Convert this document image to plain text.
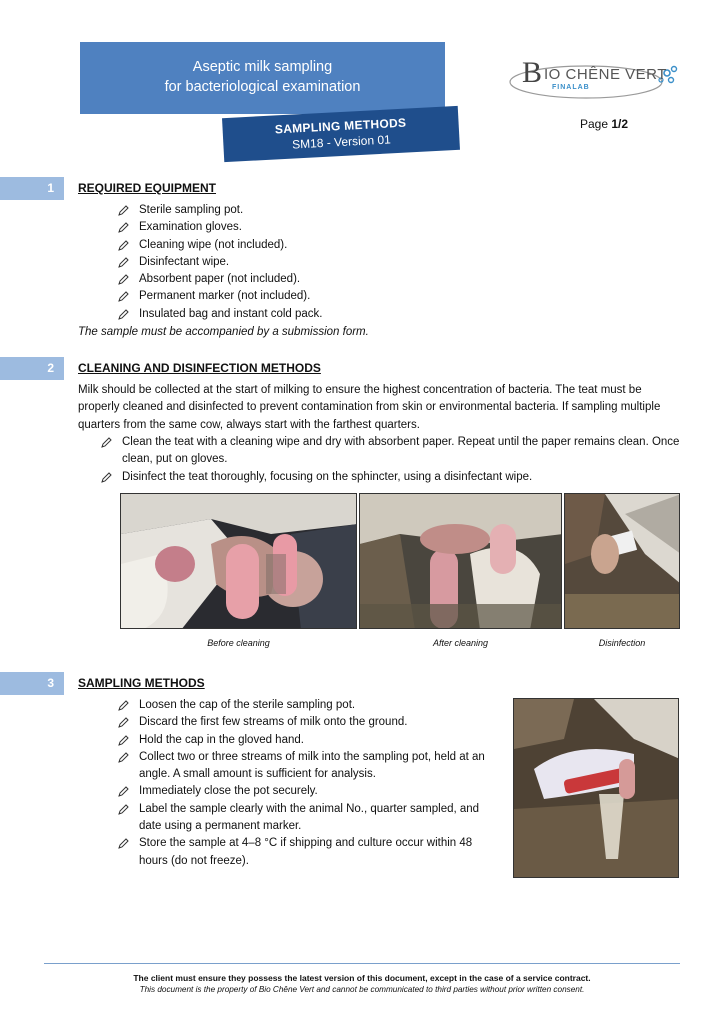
Aseptic milk sampling
for bacteriological examination
SAMPLING METHODS
SM18 - Version 01
B IO CHÊNE VERT
FINALAB
Page 1/2
1	REQUIRED EQUIPMENT
Sterile sampling pot.
Examination gloves.
Cleaning wipe (not included).
Disinfectant wipe.
Absorbent paper (not included).
Permanent marker (not included).
Insulated bag and instant cold pack.
The sample must be accompanied by a submission form.
2	CLEANING AND DISINFECTION METHODS
Milk should be collected at the start of milking to ensure the highest concentration of bacteria. The teat must be properly cleaned and disinfected to prevent contamination from skin or environmental bacteria. If sampling multiple quarters from the same cow, always start with the farthest quarters.
Clean the teat with a cleaning wipe and dry with absorbent paper. Repeat until the paper remains clean. Once clean, put on gloves.
Disinfect the teat thoroughly, focusing on the sphincter, using a disinfectant wipe.
Before cleaning	After cleaning	Disinfection
3	SAMPLING METHODS
Loosen the cap of the sterile sampling pot.
Discard the first few streams of milk onto the ground.
Hold the cap in the gloved hand.
Collect two or three streams of milk into the sampling pot, held at an angle. A small amount is sufficient for analysis.
Immediately close the pot securely.
Label the sample clearly with the animal No., quarter sampled, and date using a permanent marker.
Store the sample at 4–8 °C if shipping and culture occur within 48 hours (do not freeze).
The client must ensure they possess the latest version of this document, except in the case of a service contract.
This document is the property of Bio Chêne Vert and cannot be communicated to third parties without prior written consent.
